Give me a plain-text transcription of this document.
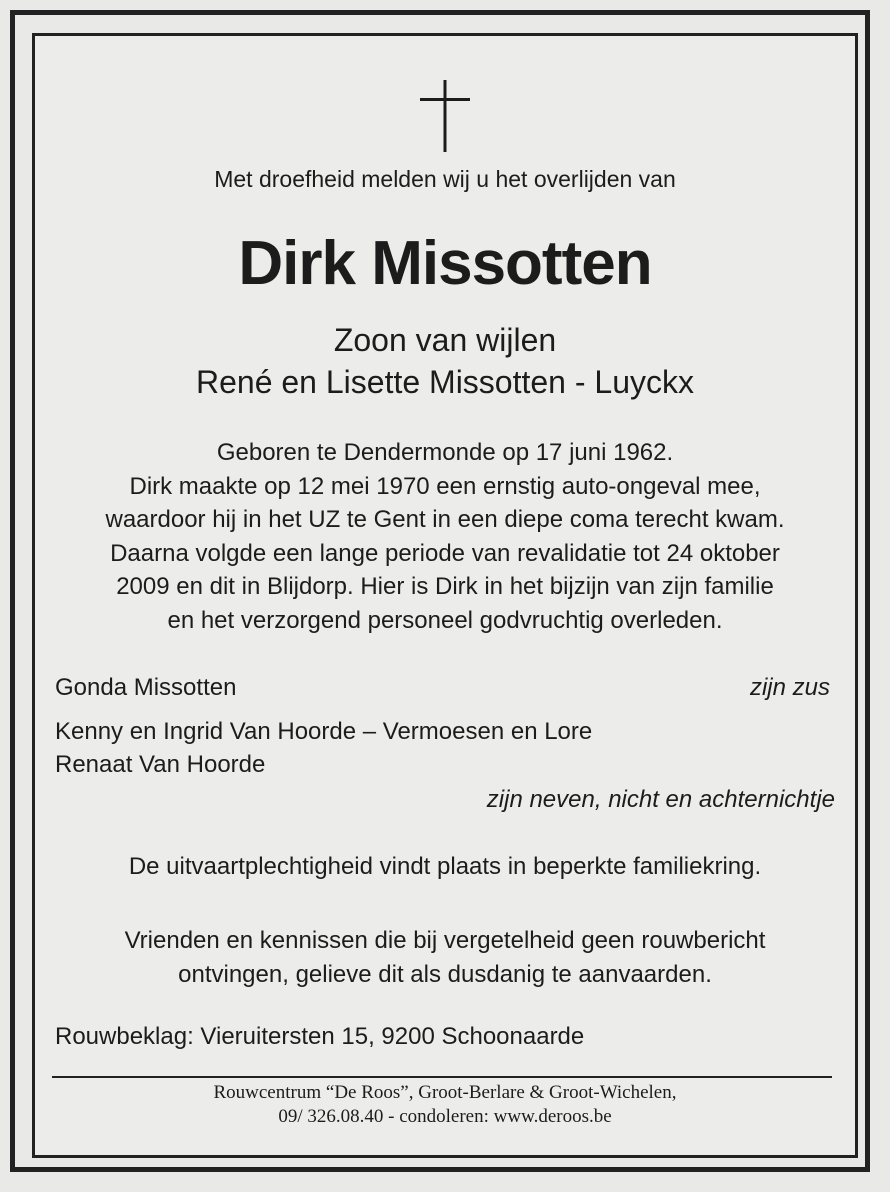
Met droefheid melden wij u het overlijden van
Dirk Missotten
Zoon van wijlen
René en Lisette Missotten - Luyckx
Geboren te Dendermonde op 17 juni 1962.
Dirk maakte op 12 mei 1970 een ernstig auto-ongeval mee,
waardoor hij in het UZ te Gent in een diepe coma terecht kwam.
Daarna volgde een lange periode van revalidatie tot 24 oktober
2009 en dit in Blijdorp. Hier is Dirk in het bijzijn van zijn familie
en het verzorgend personeel godvruchtig overleden.
Gonda Missotten	zijn zus
Kenny en Ingrid Van Hoorde – Vermoesen en Lore
Renaat Van Hoorde
zijn neven, nicht en achternichtje
De uitvaartplechtigheid vindt plaats in beperkte familiekring.
Vrienden en kennissen die bij vergetelheid geen rouwbericht
ontvingen, gelieve dit als dusdanig te aanvaarden.
Rouwbeklag: Vieruitersten 15, 9200 Schoonaarde
Rouwcentrum “De Roos”, Groot-Berlare & Groot-Wichelen,
09/ 326.08.40 - condoleren: www.deroos.be
